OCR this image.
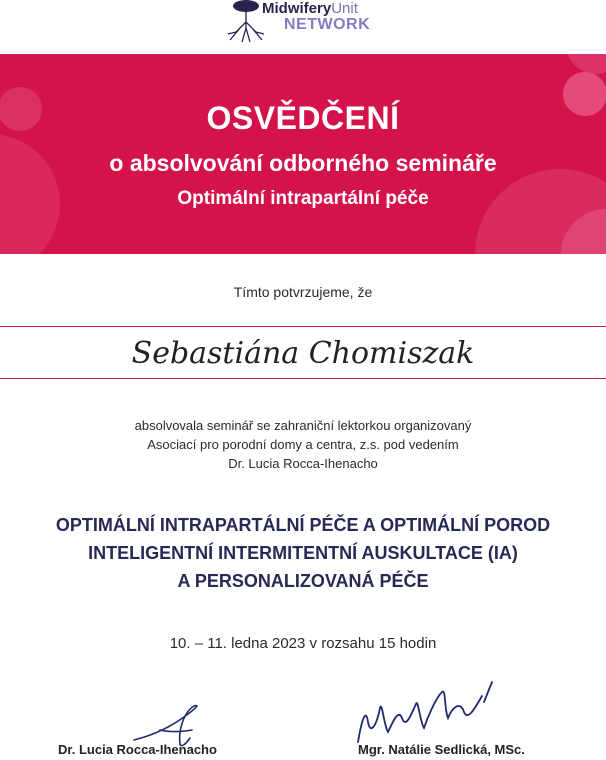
MidwiferyUnit
NETWORK
OSVĚDČENÍ
o absolvování odborného semináře
Optimální intrapartální péče
Tímto potvrzujeme, že
Sebastiána Chomiszak
absolvovala seminář se zahraniční lektorkou organizovaný
Asociací pro porodní domy a centra, z.s. pod vedením
Dr. Lucia Rocca-Ihenacho
OPTIMÁLNÍ INTRAPARTÁLNÍ PÉČE A OPTIMÁLNÍ POROD
INTELIGENTNÍ INTERMITENTNÍ AUSKULTACE (IA)
A PERSONALIZOVANÁ PÉČE
10. – 11. ledna 2023 v rozsahu 15 hodin
Dr. Lucia Rocca-Ihenacho	Mgr. Natálie Sedlická, MSc.
